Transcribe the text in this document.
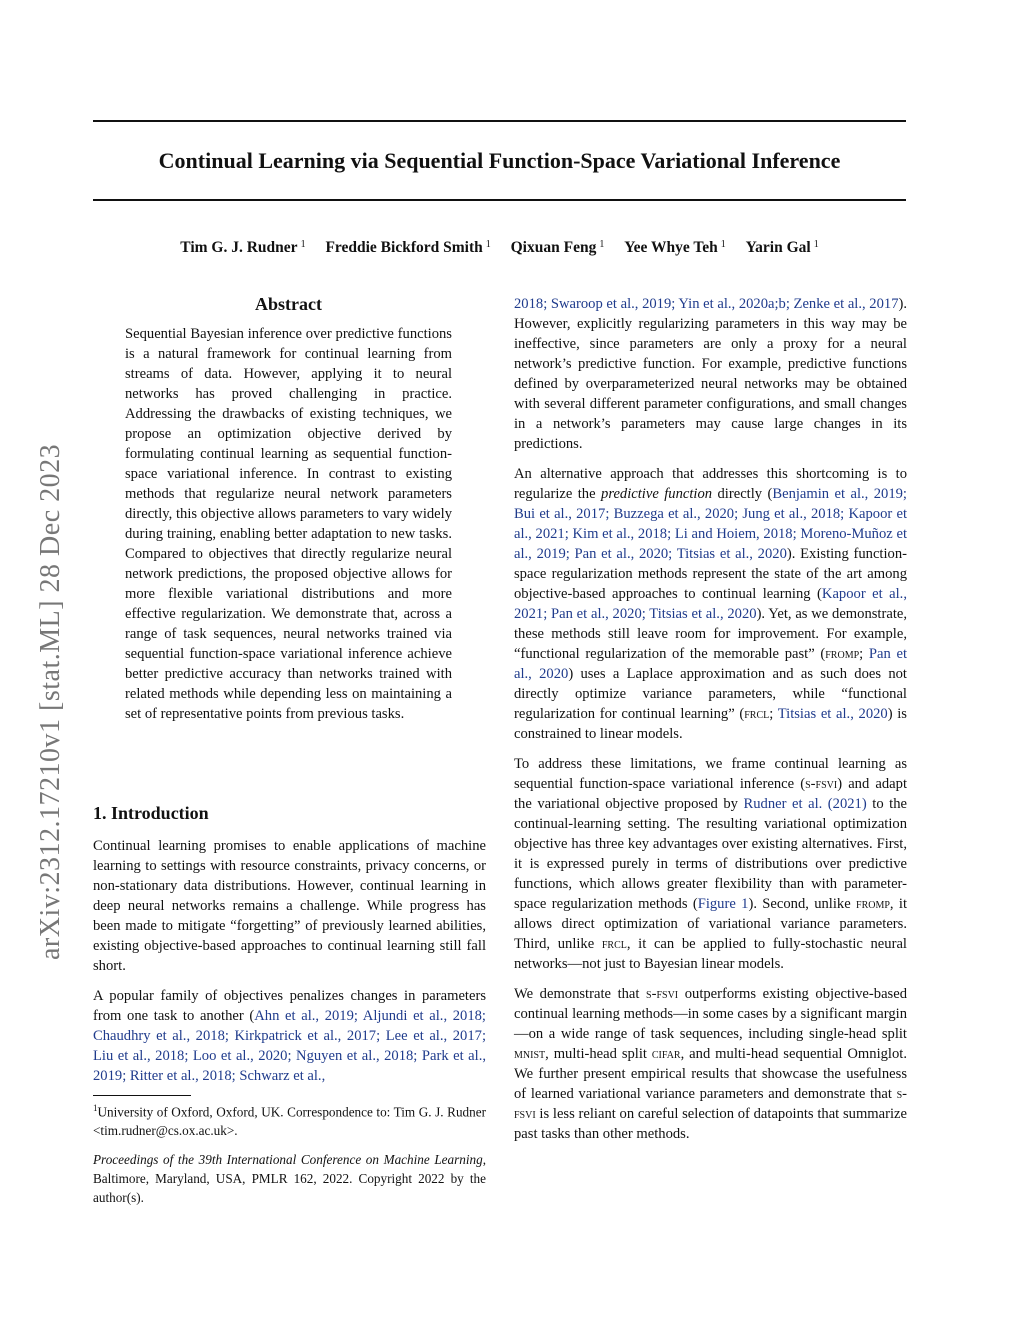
arXiv:2312.17210v1 [stat.ML] 28 Dec 2023
Continual Learning via Sequential Function-Space Variational Inference
Tim G. J. Rudner $^1$ Freddie Bickford Smith $^1$ Qixuan Feng $^1$ Yee Whye Teh $^1$ Yarin Gal $^1$
Abstract

Sequential Bayesian inference over predictive functions is a natural framework for continual learning from streams of data. However, applying it to neural networks has proved challenging in practice. Addressing the drawbacks of existing techniques, we propose an optimization objective derived by formulating continual learning as sequential function-space variational inference. In contrast to existing methods that regularize neural network parameters directly, this objective allows parameters to vary widely during training, enabling better adaptation to new tasks. Compared to objectives that directly regularize neural network predictions, the proposed objective allows for more flexible variational distributions and more effective regularization. We demonstrate that, across a range of task sequences, neural networks trained via sequential function-space variational inference achieve better predictive accuracy than networks trained with related methods while depending less on maintaining a set of representative points from previous tasks.

1. Introduction

Continual learning promises to enable applications of machine learning to settings with resource constraints, privacy concerns, or non-stationary data distributions. However, continual learning in deep neural networks remains a challenge. While progress has been made to mitigate “forgetting” of previously learned abilities, existing objective-based approaches to continual learning still fall short.

A popular family of objectives penalizes changes in parameters from one task to another (Ahn et al., 2019; Aljundi et al., 2018; Chaudhry et al., 2018; Kirkpatrick et al., 2017; Lee et al., 2017; Liu et al., 2018; Loo et al., 2020; Nguyen et al., 2018; Park et al., 2019; Ritter et al., 2018; Schwarz et al.,

$^1$University of Oxford, Oxford, UK. Correspondence to: Tim G. J. Rudner <tim.rudner@cs.ox.ac.uk>.

Proceedings of the 39th International Conference on Machine Learning, Baltimore, Maryland, USA, PMLR 162, 2022. Copyright 2022 by the author(s).

2018; Swaroop et al., 2019; Yin et al., 2020a;b; Zenke et al., 2017). However, explicitly regularizing parameters in this way may be ineffective, since parameters are only a proxy for a neural network’s predictive function. For example, predictive functions defined by overparameterized neural networks may be obtained with several different parameter configurations, and small changes in a network’s parameters may cause large changes in its predictions.

An alternative approach that addresses this shortcoming is to regularize the predictive function directly (Benjamin et al., 2019; Bui et al., 2017; Buzzega et al., 2020; Jung et al., 2018; Kapoor et al., 2021; Kim et al., 2018; Li and Hoiem, 2018; Moreno-Muñoz et al., 2019; Pan et al., 2020; Titsias et al., 2020). Existing function-space regularization methods represent the state of the art among objective-based approaches to continual learning (Kapoor et al., 2021; Pan et al., 2020; Titsias et al., 2020). Yet, as we demonstrate, these methods still leave room for improvement. For example, “functional regularization of the memorable past” (fromp; Pan et al., 2020) uses a Laplace approximation and as such does not directly optimize variance parameters, while “functional regularization for continual learning” (frcl; Titsias et al., 2020) is constrained to linear models.

To address these limitations, we frame continual learning as sequential function-space variational inference (s-fsvi) and adapt the variational objective proposed by Rudner et al. (2021) to the continual-learning setting. The resulting variational optimization objective has three key advantages over existing alternatives. First, it is expressed purely in terms of distributions over predictive functions, which allows greater flexibility than with parameter-space regularization methods (Figure 1). Second, unlike fromp, it allows direct optimization of variational variance parameters. Third, unlike frcl, it can be applied to fully-stochastic neural networks—not just to Bayesian linear models.

We demonstrate that s-fsvi outperforms existing objective-based continual learning methods—in some cases by a significant margin—on a wide range of task sequences, including single-head split mnist, multi-head split cifar, and multi-head sequential Omniglot. We further present empirical results that showcase the usefulness of learned variational variance parameters and demonstrate that s-fsvi is less reliant on careful selection of datapoints that summarize past tasks than other methods.
